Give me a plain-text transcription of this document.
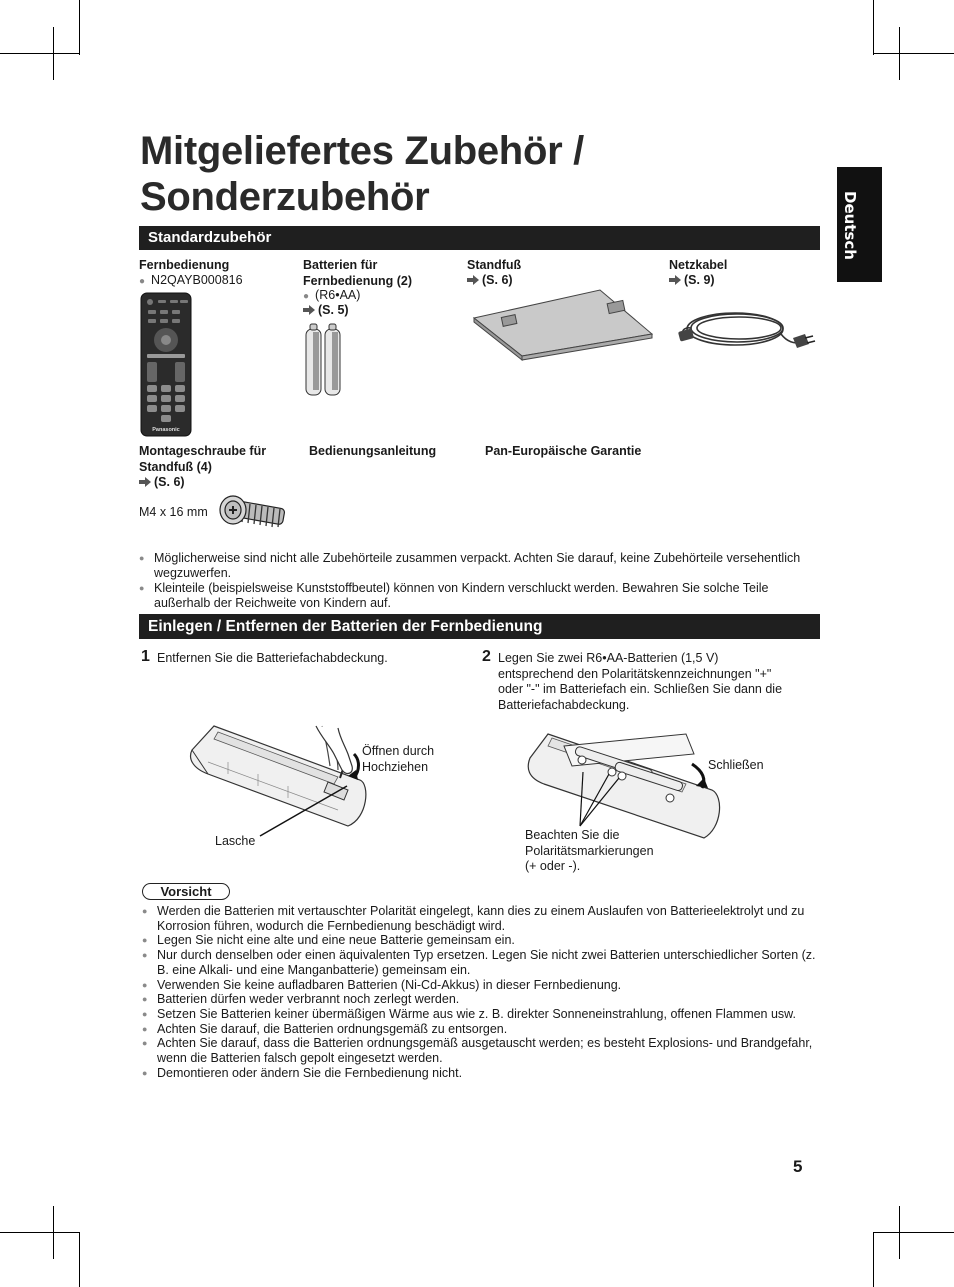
Mitgeliefertes Zubehör /
Sonderzubehör	Deutsch
Standardzubehör
Fernbedienung
● N2QAYB000816
Panasonic
Batterien für
Fernbedienung (2)
● (R6•AA)
(S. 5)
Standfuß
(S. 6)
Netzkabel
(S. 9)
Montageschraube für
Standfuß (4)
(S. 6)
M4 x 16 mm
Bedienungsanleitung	Pan-Europäische Garantie
● Möglicherweise sind nicht alle Zubehörteile zusammen verpackt. Achten Sie darauf, keine Zubehörteile versehentlich wegzuwerfen.
● Kleinteile (beispielsweise Kunststoffbeutel) können von Kindern verschluckt werden. Bewahren Sie solche Teile außerhalb der Reichweite von Kindern auf.
Einlegen / Entfernen der Batterien der Fernbedienung
1 Entfernen Sie die Batteriefachabdeckung.
Öffnen durch
Hochziehen
Lasche
2 Legen Sie zwei R6•AA-Batterien (1,5 V)
entsprechend den Polaritätskennzeichnungen "+"
oder "-" im Batteriefach ein. Schließen Sie dann die
Batteriefachabdeckung.
Schließen
Beachten Sie die
Polaritätsmarkierungen
(+ oder -).
Vorsicht
● Werden die Batterien mit vertauschter Polarität eingelegt, kann dies zu einem Auslaufen von Batterieelektrolyt und zu Korrosion führen, wodurch die Fernbedienung beschädigt wird.
● Legen Sie nicht eine alte und eine neue Batterie gemeinsam ein.
● Nur durch denselben oder einen äquivalenten Typ ersetzen. Legen Sie nicht zwei Batterien unterschiedlicher Sorten (z. B. eine Alkali- und eine Manganbatterie) gemeinsam ein.
● Verwenden Sie keine aufladbaren Batterien (Ni-Cd-Akkus) in dieser Fernbedienung.
● Batterien dürfen weder verbrannt noch zerlegt werden.
● Setzen Sie Batterien keiner übermäßigen Wärme aus wie z. B. direkter Sonneneinstrahlung, offenen Flammen usw.
● Achten Sie darauf, die Batterien ordnungsgemäß zu entsorgen.
● Achten Sie darauf, dass die Batterien ordnungsgemäß ausgetauscht werden; es besteht Explosions- und Brandgefahr, wenn die Batterien falsch gepolt eingesetzt werden.
● Demontieren oder ändern Sie die Fernbedienung nicht.
5
